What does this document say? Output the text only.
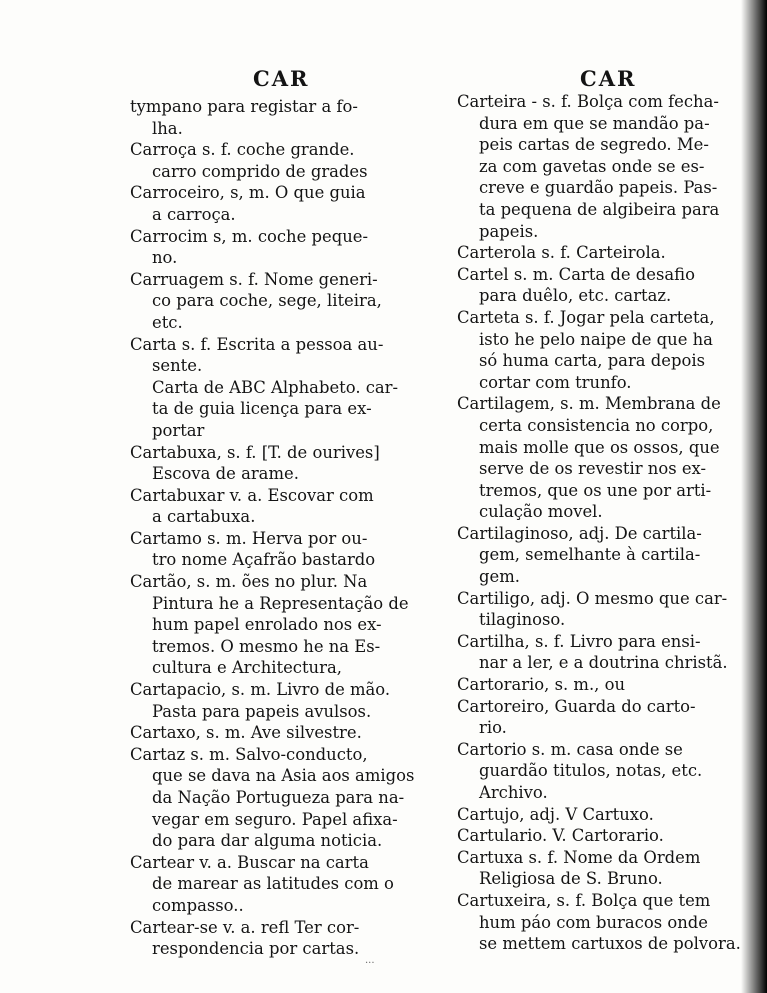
CAR	CAR
tympano para registar a fo-
lha.
Carroça s. f. coche grande.
carro comprido de grades
Carroceiro, s, m. O que guia
a carroça.
Carrocim s, m. coche peque-
no.
Carruagem s. f. Nome generi-
co para coche, sege, liteira,
etc.
Carta s. f. Escrita a pessoa au-
sente.
Carta de ABC Alphabeto. car-
ta de guia licença para ex-
portar
Cartabuxa, s. f. [T. de ourives]
Escova de arame.
Cartabuxar v. a. Escovar com
a cartabuxa.
Cartamo s. m. Herva por ou-
tro nome Açafrão bastardo
Cartão, s. m. ões no plur. Na
Pintura he a Representação de
hum papel enrolado nos ex-
tremos. O mesmo he na Es-
cultura e Architectura,
Cartapacio, s. m. Livro de mão.
Pasta para papeis avulsos.
Cartaxo, s. m. Ave silvestre.
Cartaz s. m. Salvo-conducto,
que se dava na Asia aos amigos
da Nação Portugueza para na-
vegar em seguro. Papel afixa-
do para dar alguma noticia.
Cartear v. a. Buscar na carta
de marear as latitudes com o
compasso..
Cartear-se v. a. refl Ter cor-
respondencia por cartas.
Carteira - s. f. Bolça com fecha-
dura em que se mandão pa-
peis cartas de segredo. Me-
za com gavetas onde se es-
creve e guardão papeis. Pas-
ta pequena de algibeira para
papeis.
Carterola s. f. Carteirola.
Cartel s. m. Carta de desafio
para duêlo, etc. cartaz.
Carteta s. f. Jogar pela carteta,
isto he pelo naipe de que ha
só huma carta, para depois
cortar com trunfo.
Cartilagem, s. m. Membrana de
certa consistencia no corpo,
mais molle que os ossos, que
serve de os revestir nos ex-
tremos, que os une por arti-
culação movel.
Cartilaginoso, adj. De cartila-
gem, semelhante à cartila-
gem.
Cartiligo, adj. O mesmo que car-
tilaginoso.
Cartilha, s. f. Livro para ensi-
nar a ler, e a doutrina christã.
Cartorario, s. m., ou
Cartoreiro, Guarda do carto-
rio.
Cartorio s. m. casa onde se
guardão titulos, notas, etc.
Archivo.
Cartujo, adj. V Cartuxo.
Cartulario. V. Cartorario.
Cartuxa s. f. Nome da Ordem
Religiosa de S. Bruno.
Cartuxeira, s. f. Bolça que tem
hum páo com buracos onde
se mettem cartuxos de polvora.
...
